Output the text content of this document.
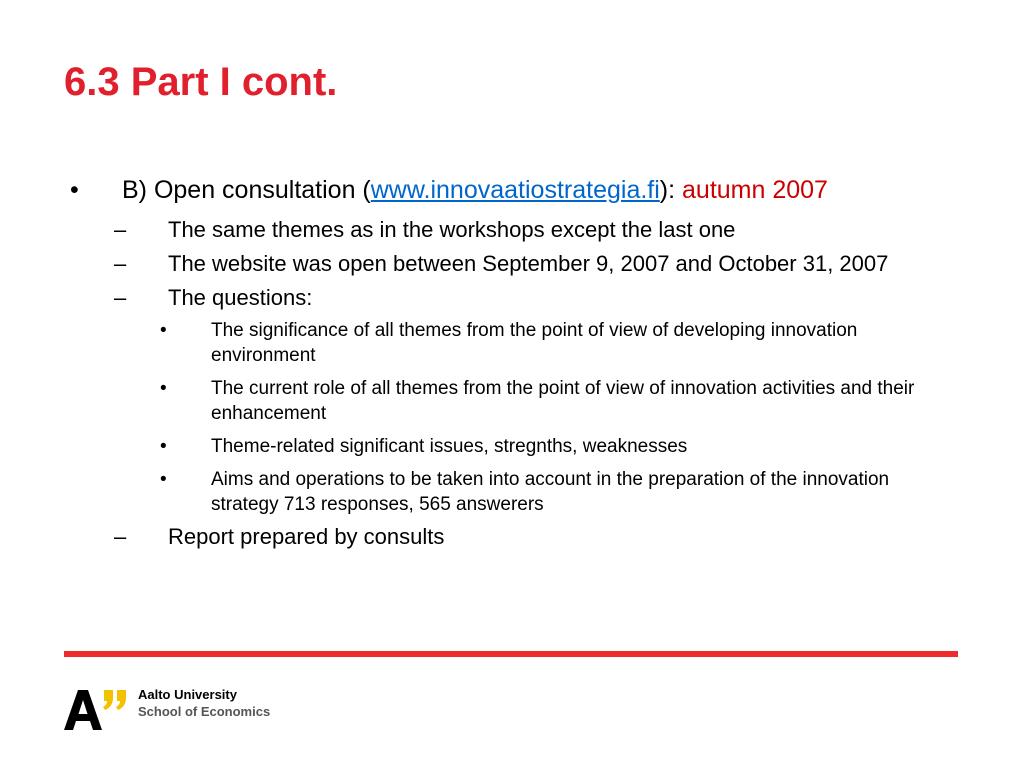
6.3 Part I cont.
• B) Open consultation (www.innovaatiostrategia.fi): autumn 2007
– The same themes as in the workshops except the last one
– The website was open between September 9, 2007 and October 31, 2007
– The questions:
• The significance of all themes from the point of view of developing innovation environment
• The current role of all themes from the point of view of innovation activities and their enhancement
• Theme-related significant issues, stregnths, weaknesses
• Aims and operations to be taken into account in the preparation of the innovation strategy 713 responses, 565 answerers
– Report prepared by consults
Aalto University
School of Economics
